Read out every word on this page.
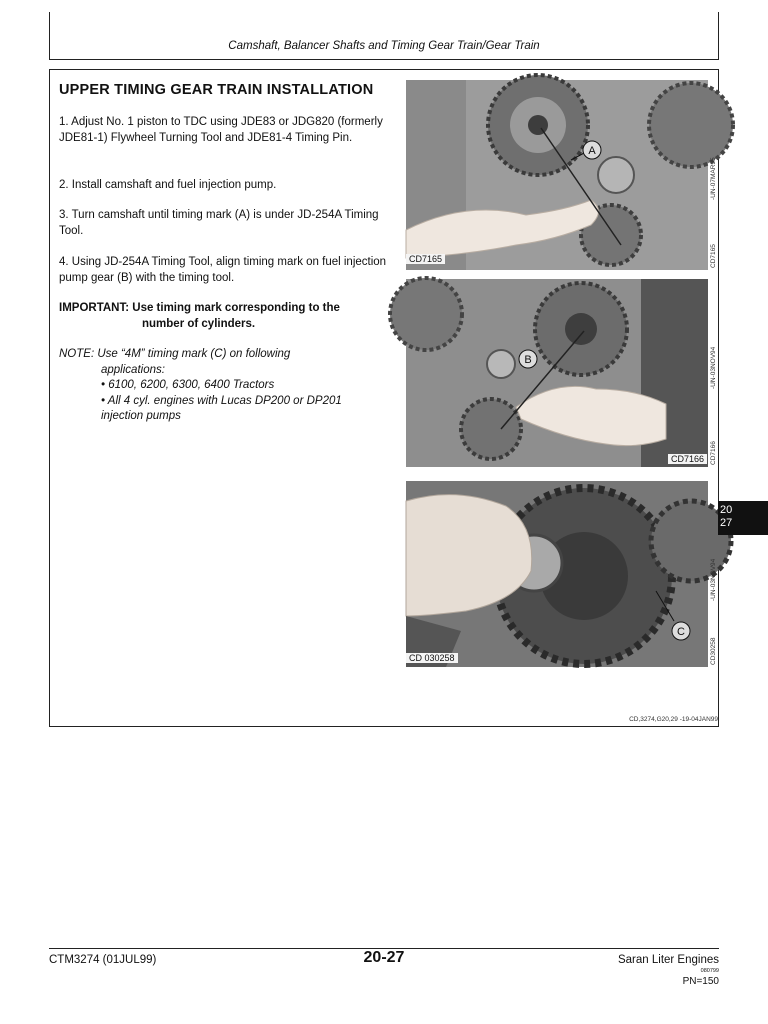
Camshaft, Balancer Shafts and Timing Gear Train/Gear Train
UPPER TIMING GEAR TRAIN INSTALLATION
1. Adjust No. 1 piston to TDC using JDE83 or JDG820 (formerly JDE81-1) Flywheel Turning Tool and JDE81-4 Timing Pin.
2. Install camshaft and fuel injection pump.
3. Turn camshaft until timing mark (A) is under JD-254A Timing Tool.
4. Using JD-254A Timing Tool, align timing mark on fuel injection pump gear (B) with the timing tool.
IMPORTANT: Use timing mark corresponding to the
number of cylinders.
NOTE: Use “4M” timing mark (C) on following
applications:
• 6100, 6200, 6300, 6400 Tractors
• All 4 cyl. engines with Lucas DP200 or DP201
injection pumps
A
CD7165
-UN-07MAR95
CD7165
B
CD7166
-UN-03NOV94
CD7166
C
CD 030258
-UN-03NOV94
CD30258
20
27
CD,3274,G20,29 -19-04JAN99
CTM3274 (01JUL99)	20-27	Saran Liter Engines
080799
PN=150
